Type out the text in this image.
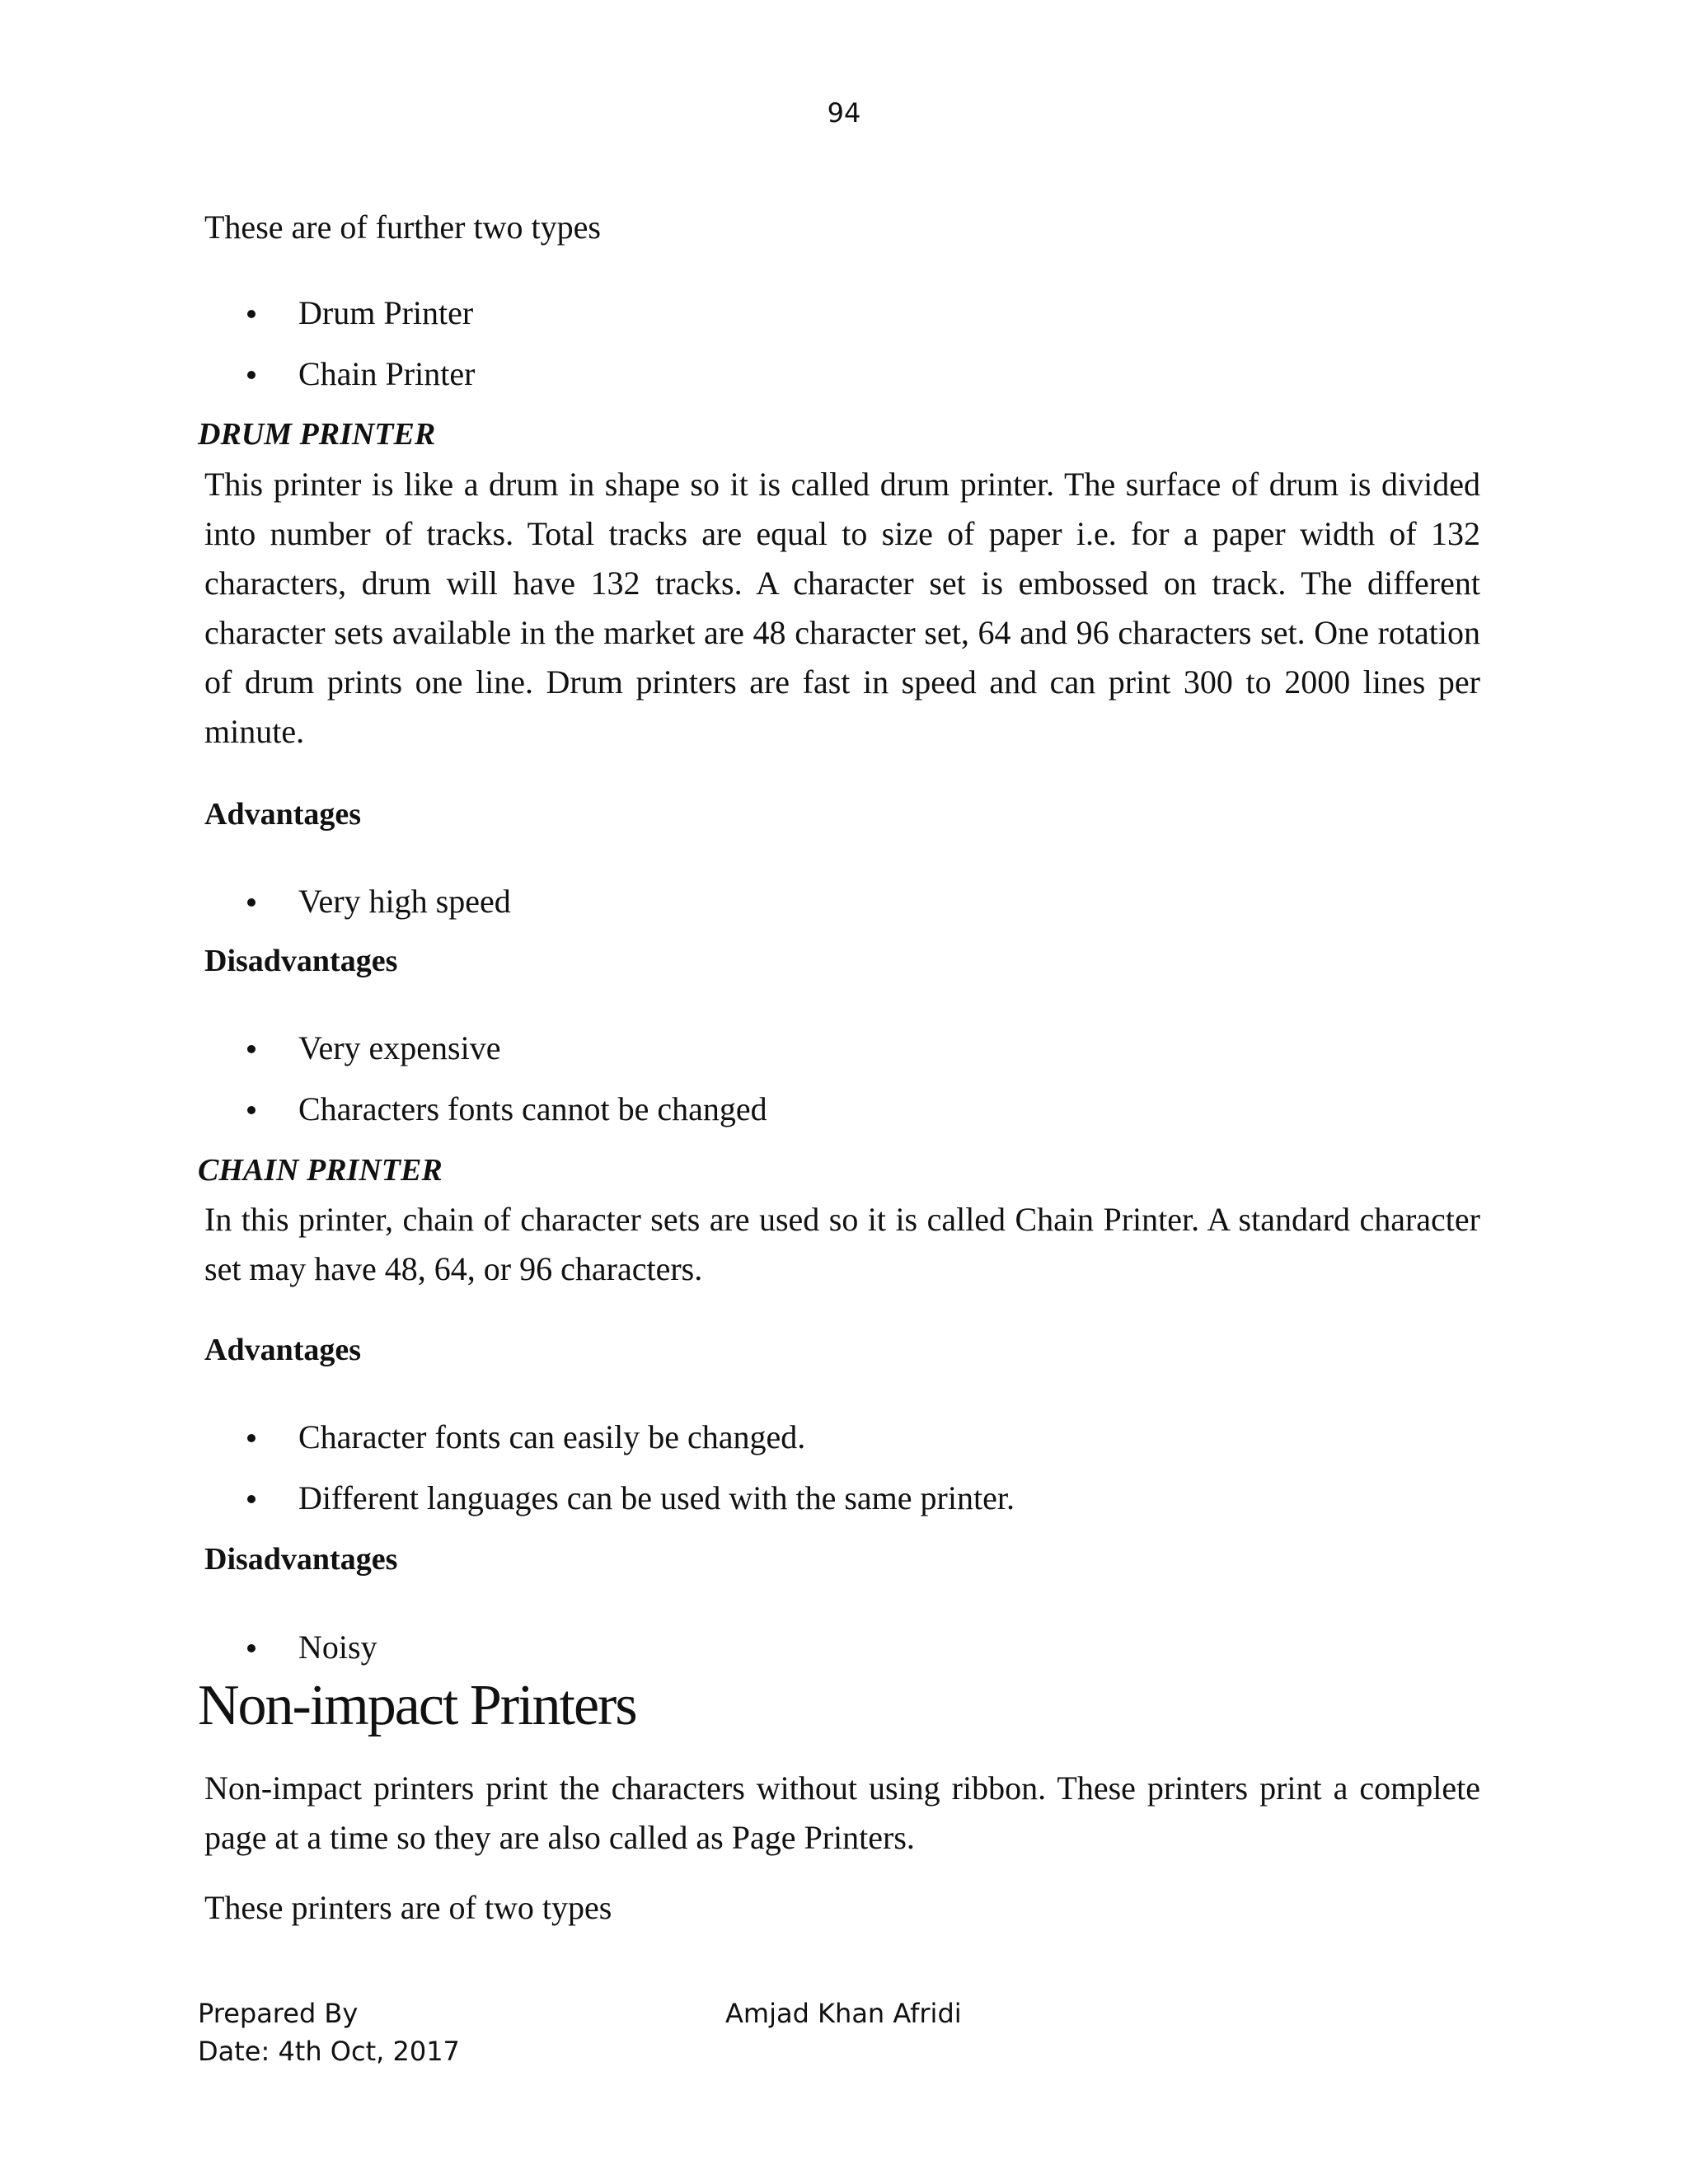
94

These are of further two types

Drum Printer
Chain Printer

DRUM PRINTER

This printer is like a drum in shape so it is called drum printer. The surface of drum is divided into number of tracks. Total tracks are equal to size of paper i.e. for a paper width of 132 characters, drum will have 132 tracks. A character set is embossed on track. The different character sets available in the market are 48 character set, 64 and 96 characters set. One rotation of drum prints one line. Drum printers are fast in speed and can print 300 to 2000 lines per minute.

Advantages

Very high speed

Disadvantages

Very expensive
Characters fonts cannot be changed

CHAIN PRINTER

In this printer, chain of character sets are used so it is called Chain Printer. A standard character set may have 48, 64, or 96 characters.

Advantages

Character fonts can easily be changed.
Different languages can be used with the same printer.

Disadvantages

Noisy
Non-impact Printers

Non-impact printers print the characters without using ribbon. These printers print a complete page at a time so they are also called as Page Printers.

These printers are of two types

Prepared By	Amjad Khan Afridi
Date: 4th Oct, 2017
